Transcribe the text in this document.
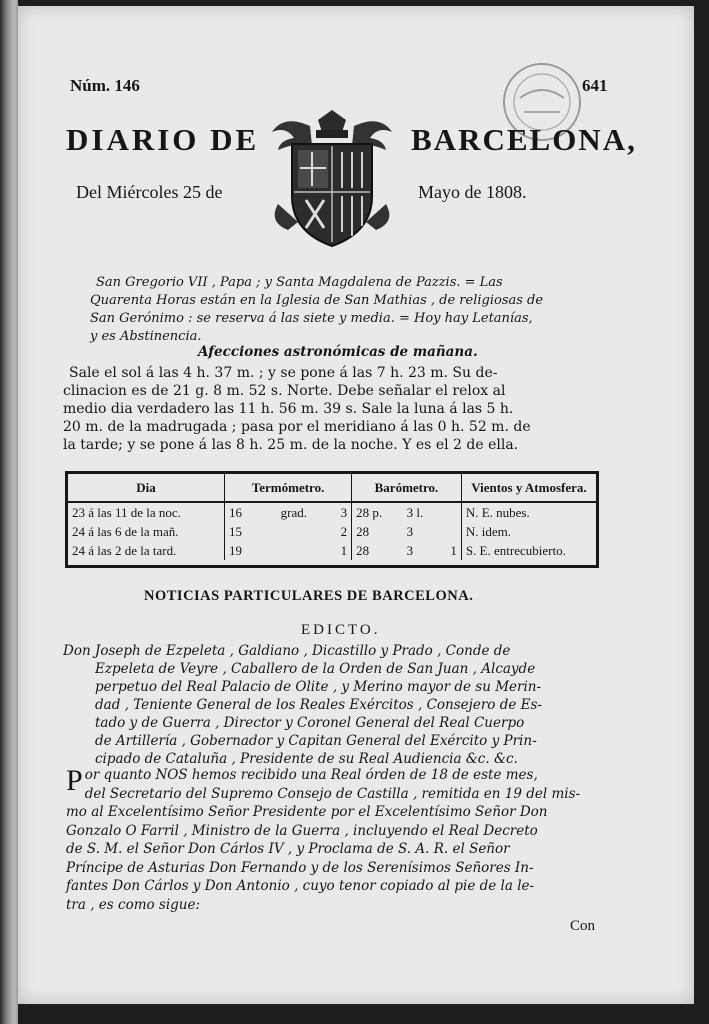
Núm. 146	641

DIARIO DE	BARCELONA,

Del Miércoles 25 de	Mayo de 1808.

San Gregorio VII , Papa ; y Santa Magdalena de Pazzis. = Las

Quarenta Horas están en la Iglesia de San Mathias , de religiosas de

San Gerónimo : se reserva á las siete y media. = Hoy hay Letanías,

y es Abstinencia.

Afecciones astronómicas de mañana.

Sale el sol á las 4 h. 37 m. ; y se pone á las 7 h. 23 m. Su de-

clinacion es de 21 g. 8 m. 52 s. Norte. Debe señalar el relox al

medio dia verdadero las 11 h. 56 m. 39 s. Sale la luna á las 5 h.

20 m. de la madrugada ; pasa por el meridiano á las 0 h. 52 m. de

la tarde; y se pone á las 8 h. 25 m. de la noche. Y es el 2 de ella.

Dia	Termómetro.			Barómetro.			Vientos y Atmosfera.
23 á las 11 de la noc.	16	grad.	3	28 p.	3 l.		N. E. nubes.
24 á las 6 de la mañ.	15		2	28	3		N. idem.
24 á las 2 de la tard.	19		1	28	3	1	S. E. entrecubierto.

NOTICIAS PARTICULARES DE BARCELONA.

EDICTO.

Don Joseph de Ezpeleta , Galdiano , Dicastillo y Prado , Conde de

Ezpeleta de Veyre , Caballero de la Orden de San Juan , Alcayde

perpetuo del Real Palacio de Olite , y Merino mayor de su Merin-

dad , Teniente General de los Reales Exércitos , Consejero de Es-

tado y de Guerra , Director y Coronel General del Real Cuerpo

de Artillería , Gobernador y Capitan General del Exército y Prin-

cipado de Cataluña , Presidente de su Real Audiencia &c. &c.

P or quanto NOS hemos recibido una Real órden de 18 de este mes,

del Secretario del Supremo Consejo de Castilla , remitida en 19 del mis-

mo al Excelentísimo Señor Presidente por el Excelentísimo Señor Don

Gonzalo O Farril , Ministro de la Guerra , incluyendo el Real Decreto

de S. M. el Señor Don Cárlos IV , y Proclama de S. A. R. el Señor

Príncipe de Asturias Don Fernando y de los Serenísimos Señores In-

fantes Don Cárlos y Don Antonio , cuyo tenor copiado al pie de la le-

tra , es como sigue:

Con
